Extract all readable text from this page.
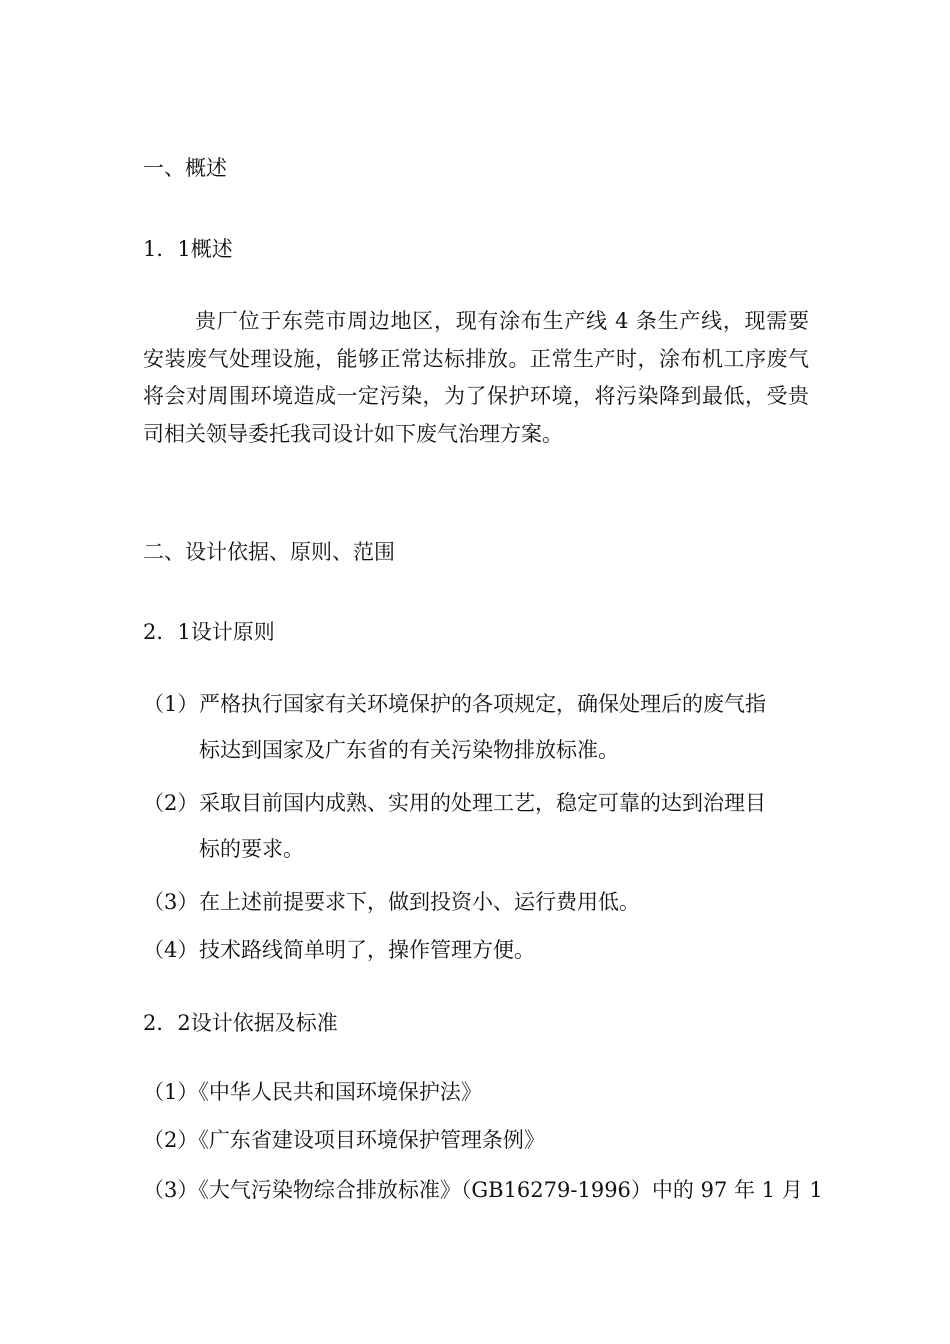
一、概述
1．1概述
贵厂位于东莞市周边地区，现有涂布生产线 4 条生产线，现需要安装废气处理设施，能够正常达标排放。正常生产时，涂布机工序废气将会对周围环境造成一定污染，为了保护环境，将污染降到最低，受贵司相关领导委托我司设计如下废气治理方案。
二、设计依据、原则、范围
2．1设计原则
（1）严格执行国家有关环境保护的各项规定，确保处理后的废气指
标达到国家及广东省的有关污染物排放标准。
（2）采取目前国内成熟、实用的处理工艺，稳定可靠的达到治理目
标的要求。
（3）在上述前提要求下，做到投资小、运行费用低。
（4）技术路线简单明了，操作管理方便。
2．2设计依据及标准
（1）《中华人民共和国环境保护法》
（2）《广东省建设项目环境保护管理条例》
（3）《大气污染物综合排放标准》（GB16279-1996）中的 97 年 1 月 1
